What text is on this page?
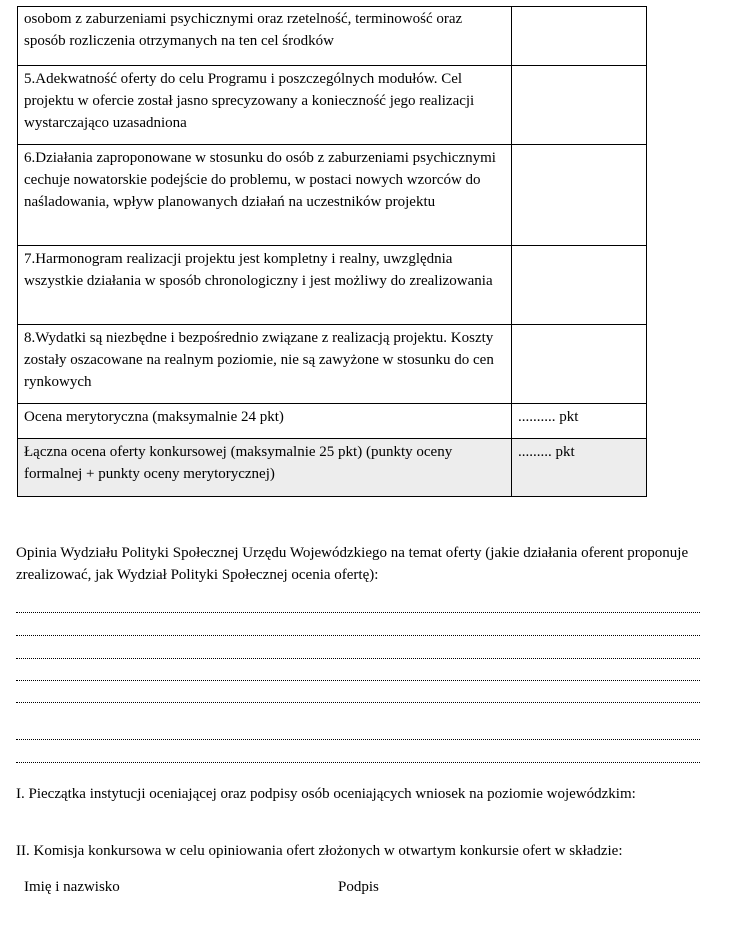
osobom z zaburzeniami psychicznymi oraz rzetelność, terminowość oraz sposób rozliczenia otrzymanych na ten cel środków	
5.Adekwatność oferty do celu Programu i poszczególnych modułów. Cel projektu w ofercie został jasno sprecyzowany a konieczność jego realizacji wystarczająco uzasadniona	
6.Działania zaproponowane w stosunku do osób z zaburzeniami psychicznymi cechuje nowatorskie podejście do problemu, w postaci nowych wzorców do naśladowania, wpływ planowanych działań na uczestników projektu	
7.Harmonogram realizacji projektu jest kompletny i realny, uwzględnia wszystkie działania w sposób chronologiczny i jest możliwy do zrealizowania	
8.Wydatki są niezbędne i bezpośrednio związane z realizacją projektu. Koszty zostały oszacowane na realnym poziomie, nie są zawyżone w stosunku do cen rynkowych	
Ocena merytoryczna (maksymalnie 24 pkt)	.......... pkt
Łączna ocena oferty konkursowej (maksymalnie 25 pkt) (punkty oceny formalnej + punkty oceny merytorycznej)	......... pkt
Opinia Wydziału Polityki Społecznej Urzędu Wojewódzkiego na temat oferty (jakie działania oferent proponuje zrealizować, jak Wydział Polityki Społecznej ocenia ofertę):
I. Pieczątka instytucji oceniającej oraz podpisy osób oceniających wniosek na poziomie wojewódzkim:
II. Komisja konkursowa w celu opiniowania ofert złożonych w otwartym konkursie ofert w składzie:
Imię i nazwisko	Podpis
